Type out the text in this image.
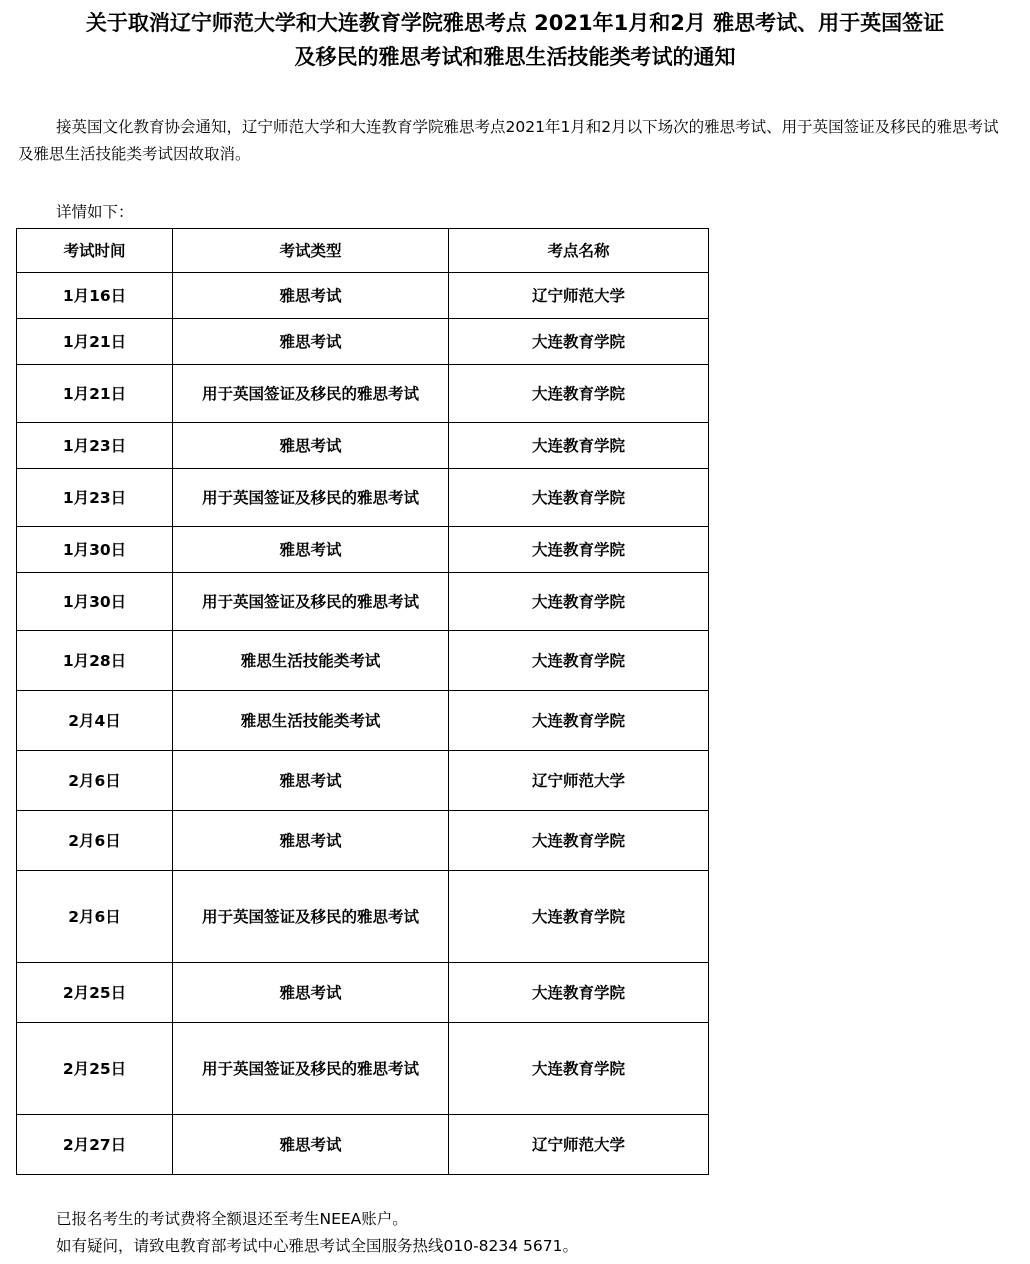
关于取消辽宁师范大学和大连教育学院雅思考点 2021年1月和2月 雅思考试、用于英国签证
及移民的雅思考试和雅思生活技能类考试的通知

接英国文化教育协会通知，辽宁师范大学和大连教育学院雅思考点2021年1月和2月以下场次的雅思考试、用于英国签证及移民的雅思考试及雅思生活技能类考试因故取消。

详情如下：

考试时间	考试类型	考点名称
1月16日	雅思考试	辽宁师范大学
1月21日	雅思考试	大连教育学院
1月21日	用于英国签证及移民的雅思考试	大连教育学院
1月23日	雅思考试	大连教育学院
1月23日	用于英国签证及移民的雅思考试	大连教育学院
1月30日	雅思考试	大连教育学院
1月30日	用于英国签证及移民的雅思考试	大连教育学院
1月28日	雅思生活技能类考试	大连教育学院
2月4日	雅思生活技能类考试	大连教育学院
2月6日	雅思考试	辽宁师范大学
2月6日	雅思考试	大连教育学院
2月6日	用于英国签证及移民的雅思考试	大连教育学院
2月25日	雅思考试	大连教育学院
2月25日	用于英国签证及移民的雅思考试	大连教育学院
2月27日	雅思考试	辽宁师范大学

已报名考生的考试费将全额退还至考生NEEA账户。

如有疑问，请致电教育部考试中心雅思考试全国服务热线010-8234 5671。
